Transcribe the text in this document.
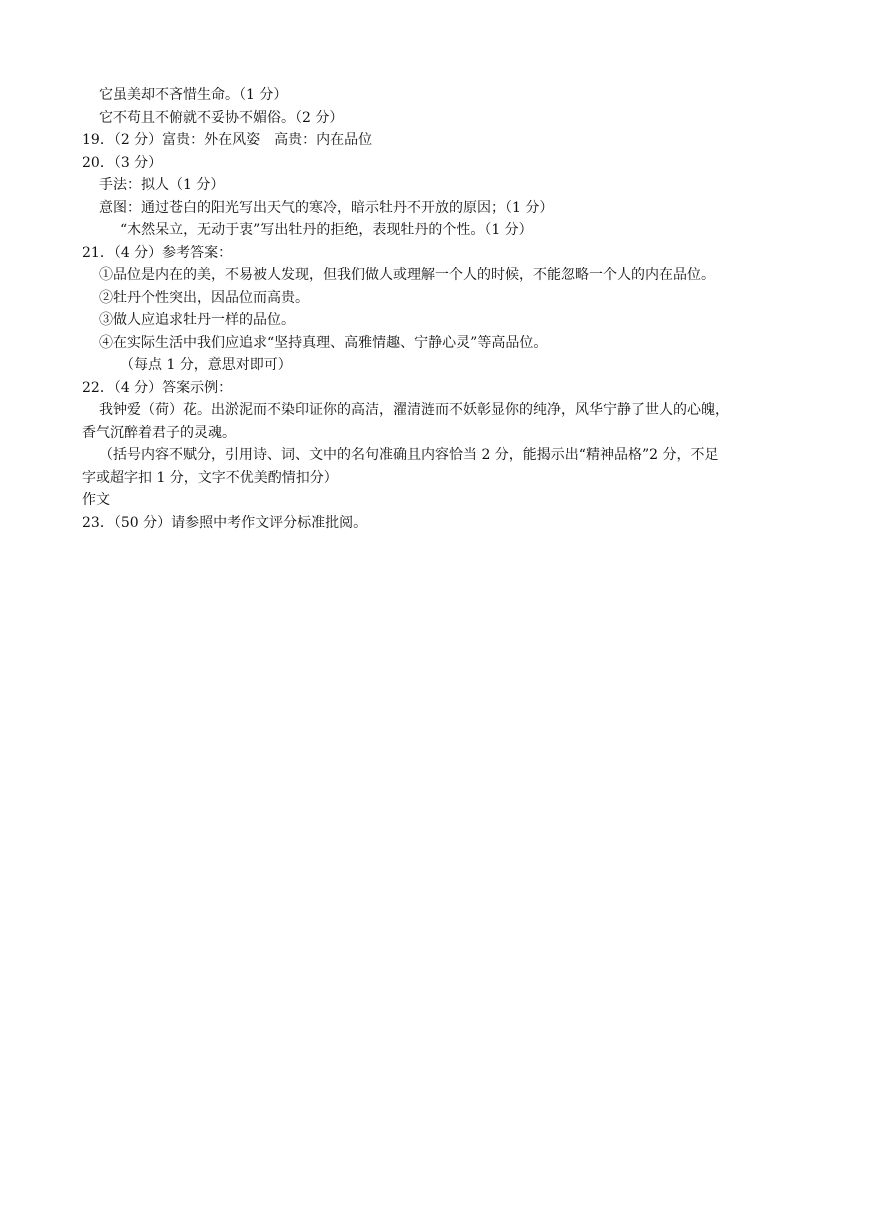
它虽美却不吝惜生命。（1 分）
它不苟且不俯就不妥协不媚俗。（2 分）
19．（2 分）富贵：外在风姿　高贵：内在品位
20．（3 分）
手法：拟人（1 分）
意图：通过苍白的阳光写出天气的寒冷，暗示牡丹不开放的原因；（1 分）
“木然呆立，无动于衷”写出牡丹的拒绝，表现牡丹的个性。（1 分）
21．（4 分）参考答案：
①品位是内在的美，不易被人发现，但我们做人或理解一个人的时候，不能忽略一个人的内在品位。
②牡丹个性突出，因品位而高贵。
③做人应追求牡丹一样的品位。
④在实际生活中我们应追求“坚持真理、高雅情趣、宁静心灵”等高品位。
（每点 1 分，意思对即可）
22．（4 分）答案示例：
我钟爱（荷）花。出淤泥而不染印证你的高洁，濯清涟而不妖彰显你的纯净，风华宁静了世人的心魄，
香气沉醉着君子的灵魂。
（括号内容不赋分，引用诗、词、文中的名句准确且内容恰当 2 分，能揭示出“精神品格”2 分，不足
字或超字扣 1 分，文字不优美酌情扣分）
作文
23．（50 分）请参照中考作文评分标准批阅。
